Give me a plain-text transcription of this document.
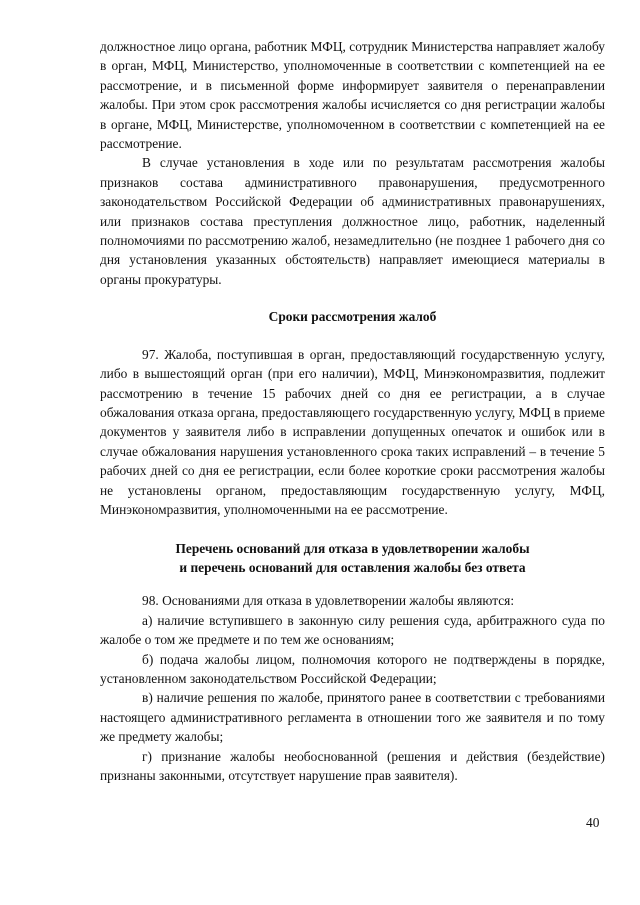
должностное лицо органа, работник МФЦ, сотрудник Министерства направляет жалобу в орган, МФЦ, Министерство, уполномоченные в соответствии с компетенцией на ее рассмотрение, и в письменной форме информирует заявителя о перенаправлении жалобы. При этом срок рассмотрения жалобы исчисляется со дня регистрации жалобы в органе, МФЦ, Министерстве, уполномоченном в соответствии с компетенцией на ее рассмотрение.

В случае установления в ходе или по результатам рассмотрения жалобы признаков состава административного правонарушения, предусмотренного законодательством Российской Федерации об административных правонарушениях, или признаков состава преступления должностное лицо, работник, наделенный полномочиями по рассмотрению жалоб, незамедлительно (не позднее 1 рабочего дня со дня установления указанных обстоятельств) направляет имеющиеся материалы в органы прокуратуры.

Сроки рассмотрения жалоб

97. Жалоба, поступившая в орган, предоставляющий государственную услугу, либо в вышестоящий орган (при его наличии), МФЦ, Минэкономразвития, подлежит рассмотрению в течение 15 рабочих дней со дня ее регистрации, а в случае обжалования отказа органа, предоставляющего государственную услугу, МФЦ в приеме документов у заявителя либо в исправлении допущенных опечаток и ошибок или в случае обжалования нарушения установленного срока таких исправлений – в течение 5 рабочих дней со дня ее регистрации, если более короткие сроки рассмотрения жалобы не установлены органом, предоставляющим государственную услугу, МФЦ, Минэкономразвития, уполномоченными на ее рассмотрение.

Перечень оснований для отказа в удовлетворении жалобы
и перечень оснований для оставления жалобы без ответа

98. Основаниями для отказа в удовлетворении жалобы являются:

а) наличие вступившего в законную силу решения суда, арбитражного суда по жалобе о том же предмете и по тем же основаниям;

б) подача жалобы лицом, полномочия которого не подтверждены в порядке, установленном законодательством Российской Федерации;

в) наличие решения по жалобе, принятого ранее в соответствии с требованиями настоящего административного регламента в отношении того же заявителя и по тому же предмету жалобы;

г) признание жалобы необоснованной (решения и действия (бездействие) признаны законными, отсутствует нарушение прав заявителя).

40
